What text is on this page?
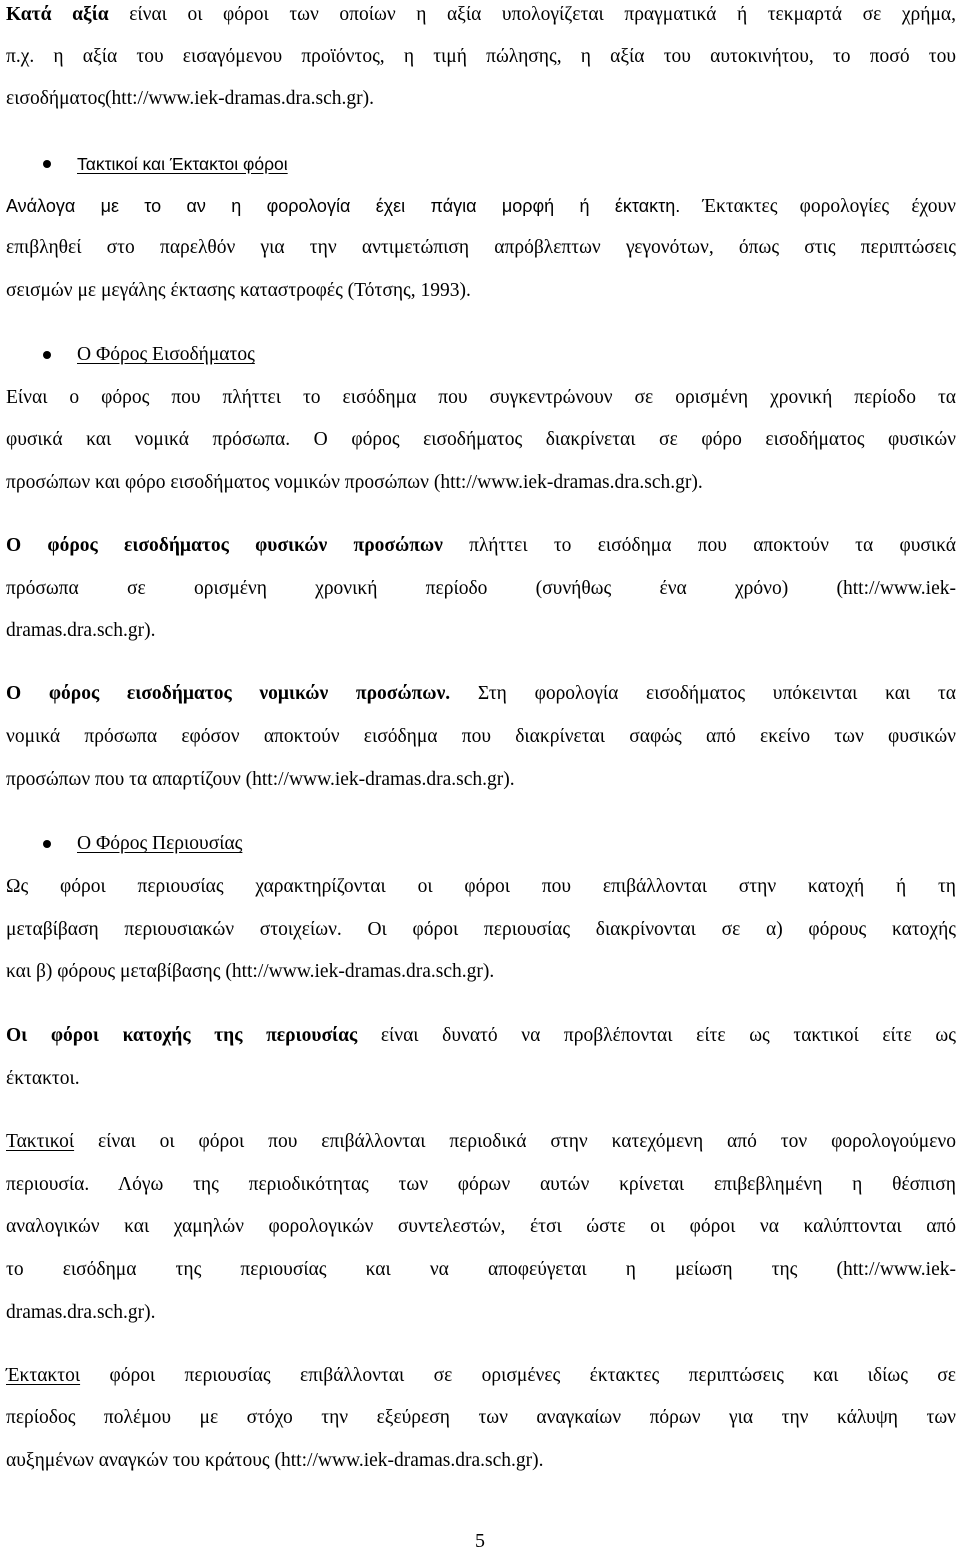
Κατά αξία είναι οι φόροι των οποίων η αξία υπολογίζεται πραγματικά ή τεκμαρτά σε χρήμα,
π.χ. η αξία του εισαγόμενου προϊόντος, η τιμή πώλησης, η αξία του αυτοκινήτου, το ποσό του
εισοδήματος(htt://www.iek-dramas.dra.sch.gr).
Τακτικοί και Έκτακτοι φόροι
Ανάλογα με το αν η φορολογία έχει πάγια μορφή ή έκτακτη. Έκτακτες φορολογίες έχουν
επιβληθεί στο παρελθόν για την αντιμετώπιση απρόβλεπτων γεγονότων, όπως στις περιπτώσεις
σεισμών με μεγάλης έκτασης καταστροφές (Τότσης, 1993).
Ο Φόρος Εισοδήματος
Είναι ο φόρος που πλήττει το εισόδημα που συγκεντρώνουν σε ορισμένη χρονική περίοδο τα
φυσικά και νομικά πρόσωπα. Ο φόρος εισοδήματος διακρίνεται σε φόρο εισοδήματος φυσικών
προσώπων και φόρο εισοδήματος νομικών προσώπων (htt://www.iek-dramas.dra.sch.gr).
Ο φόρος εισοδήματος φυσικών προσώπων πλήττει το εισόδημα που αποκτούν τα φυσικά
πρόσωπα σε ορισμένη χρονική περίοδο (συνήθως ένα χρόνο) (htt://www.iek-
dramas.dra.sch.gr).
Ο φόρος εισοδήματος νομικών προσώπων. Στη φορολογία εισοδήματος υπόκεινται και τα
νομικά πρόσωπα εφόσον αποκτούν εισόδημα που διακρίνεται σαφώς από εκείνο των φυσικών
προσώπων που τα απαρτίζουν (htt://www.iek-dramas.dra.sch.gr).
Ο Φόρος Περιουσίας
Ως φόροι περιουσίας χαρακτηρίζονται οι φόροι που επιβάλλονται στην κατοχή ή τη
μεταβίβαση περιουσιακών στοιχείων. Οι φόροι περιουσίας διακρίνονται σε α) φόρους κατοχής
και β) φόρους μεταβίβασης (htt://www.iek-dramas.dra.sch.gr).
Οι φόροι κατοχής της περιουσίας είναι δυνατό να προβλέπονται είτε ως τακτικοί είτε ως
έκτακτοι.
Τακτικοί είναι οι φόροι που επιβάλλονται περιοδικά στην κατεχόμενη από τον φορολογούμενο
περιουσία. Λόγω της περιοδικότητας των φόρων αυτών κρίνεται επιβεβλημένη η θέσπιση
αναλογικών και χαμηλών φορολογικών συντελεστών, έτσι ώστε οι φόροι να καλύπτονται από
το εισόδημα της περιουσίας και να αποφεύγεται η μείωση της (htt://www.iek-
dramas.dra.sch.gr).
Έκτακτοι φόροι περιουσίας επιβάλλονται σε ορισμένες έκτακτες περιπτώσεις και ιδίως σε
περίοδος πολέμου με στόχο την εξεύρεση των αναγκαίων πόρων για την κάλυψη των
αυξημένων αναγκών του κράτους (htt://www.iek-dramas.dra.sch.gr).
5
